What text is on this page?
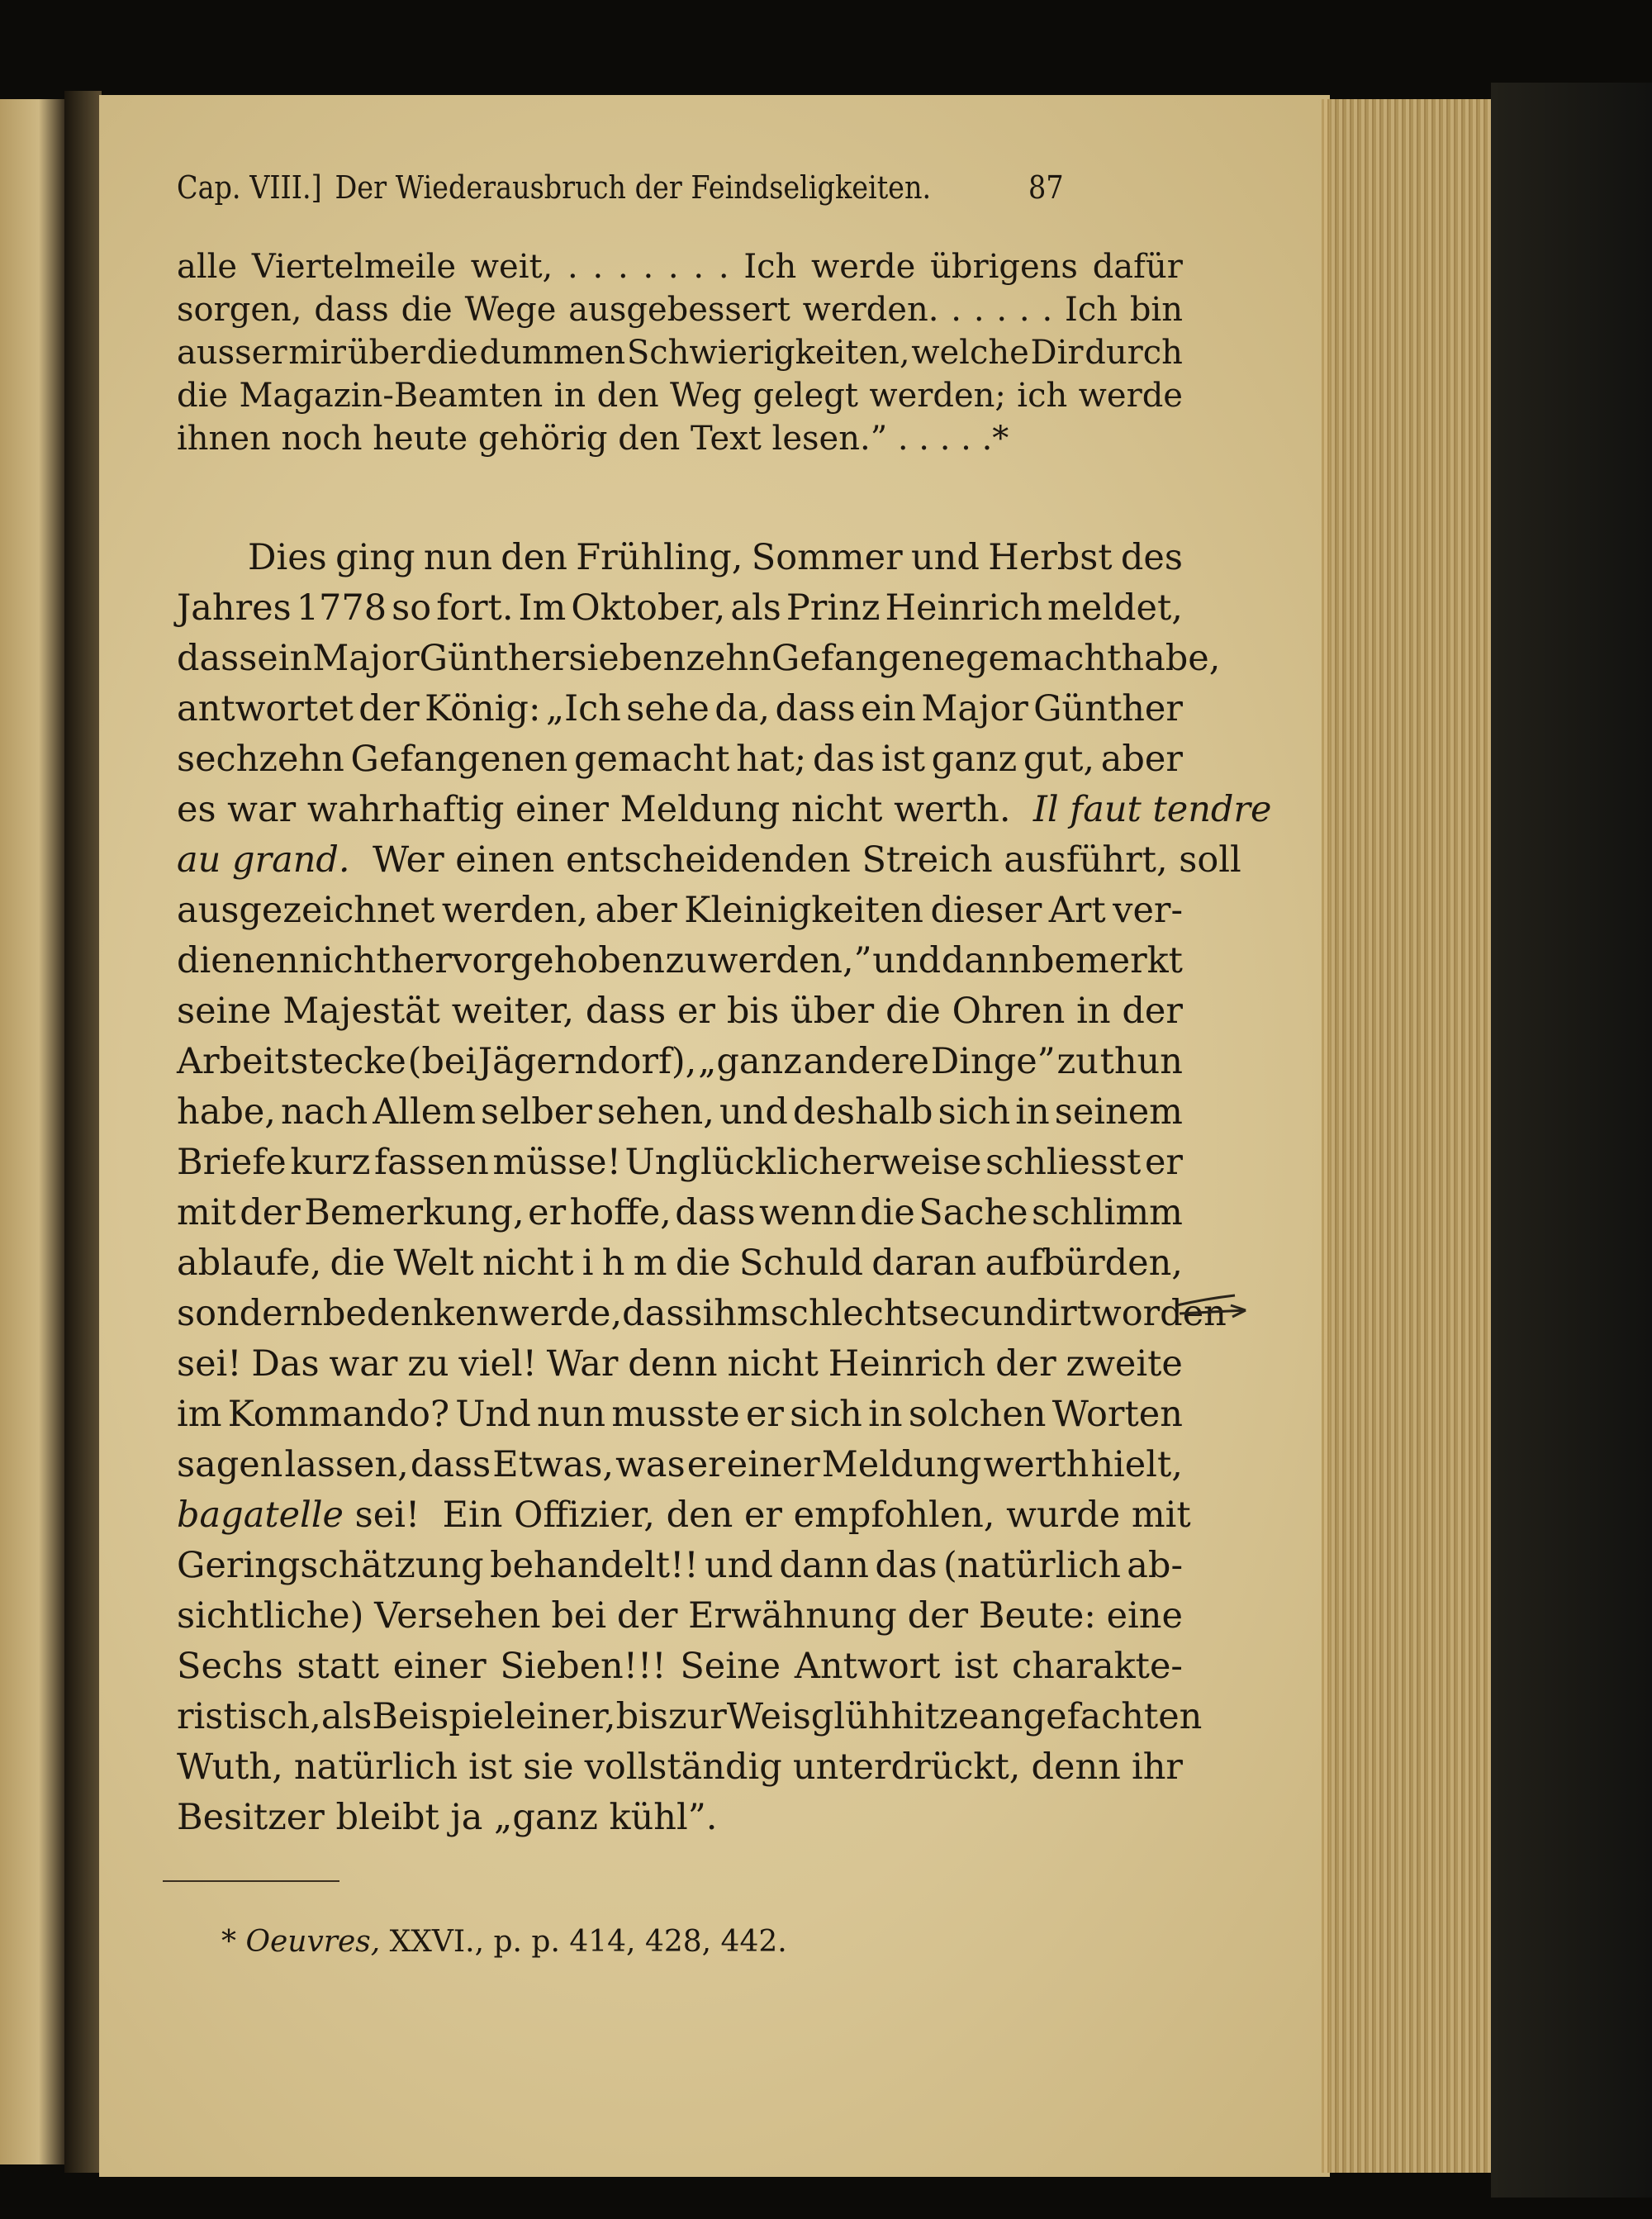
Cap. VIII.] Der Wiederausbruch der Feindseligkeiten.	87
alle Viertelmeile weit, . . . . . . . Ich werde übrigens dafür
sorgen, dass die Wege ausgebessert werden. . . . . . Ich bin
ausser mir über die dummen Schwierigkeiten, welche Dir durch
die Magazin-Beamten in den Weg gelegt werden; ich werde
ihnen noch heute gehörig den Text lesen.” . . . . .*
Dies ging nun den Frühling, Sommer und Herbst des
Jahres 1778 so fort. Im Oktober, als Prinz Heinrich meldet,
dass ein Major Günther siebenzehn Gefangene gemacht habe,
antwortet der König: „Ich sehe da, dass ein Major Günther
sechzehn Gefangenen gemacht hat; das ist ganz gut, aber
es war wahrhaftig einer Meldung nicht werth. Il faut tendre
au grand. Wer einen entscheidenden Streich ausführt, soll
ausgezeichnet werden, aber Kleinigkeiten dieser Art ver-
dienen nicht hervorgehoben zu werden,” und dann bemerkt
seine Majestät weiter, dass er bis über die Ohren in der
Arbeit stecke (bei Jägerndorf), „ganz andere Dinge” zu thun
habe, nach Allem selber sehen, und deshalb sich in seinem
Briefe kurz fassen müsse! Unglücklicherweise schliesst er
mit der Bemerkung, er hoffe, dass wenn die Sache schlimm
ablaufe, die Welt nicht i h m die Schuld daran aufbürden,
sondern bedenken werde, dass ihm schlecht secundirt worden
sei! Das war zu viel! War denn nicht Heinrich der zweite
im Kommando? Und nun musste er sich in solchen Worten
sagen lassen, dass Etwas, was er einer Meldung werth hielt,
bagatelle sei!  Ein Offizier, den er empfohlen, wurde mit
Geringschätzung behandelt!! und dann das (natürlich ab-
sichtliche) Versehen bei der Erwähnung der Beute: eine
Sechs statt einer Sieben!!! Seine Antwort ist charakte-
ristisch, als Beispiel einer, bis zur Weisglühhitze angefachten
Wuth, natürlich ist sie vollständig unterdrückt, denn ihr
Besitzer bleibt ja „ganz kühl”.
* Oeuvres, XXVI., p. p. 414, 428, 442.
